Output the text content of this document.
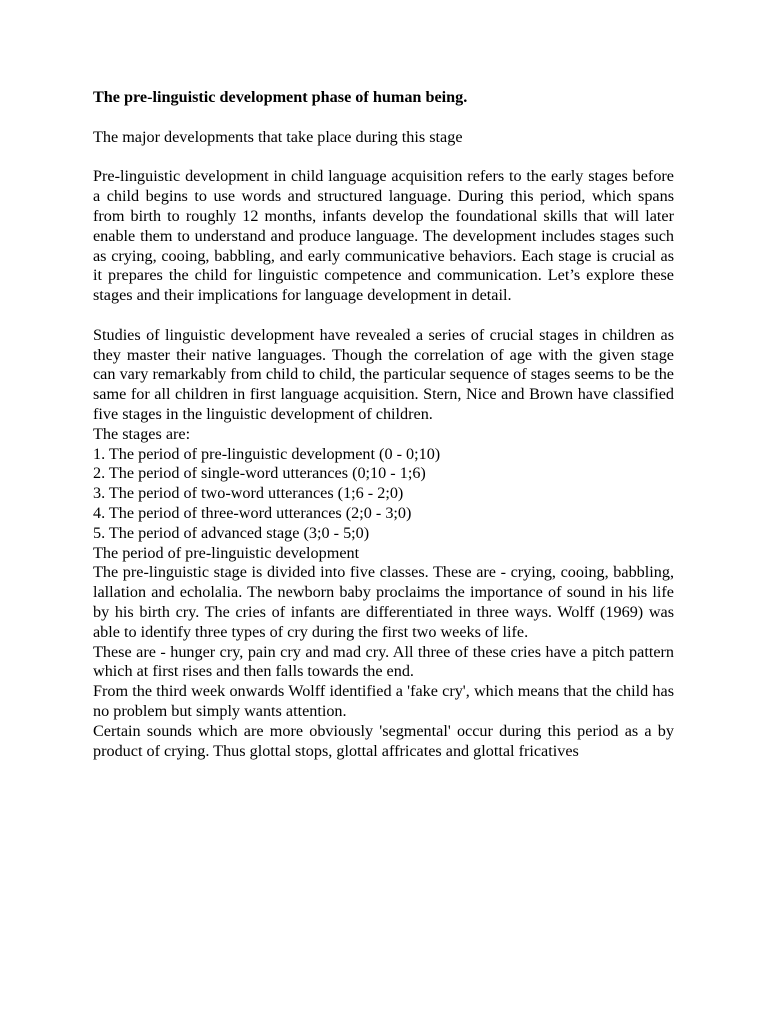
The pre-linguistic development phase of human being.

The major developments that take place during this stage

Pre-linguistic development in child language acquisition refers to the early stages before a child begins to use words and structured language. During this period, which spans from birth to roughly 12 months, infants develop the foundational skills that will later enable them to understand and produce language. The development includes stages such as crying, cooing, babbling, and early communicative behaviors. Each stage is crucial as it prepares the child for linguistic competence and communication. Let’s explore these stages and their implications for language development in detail.

Studies of linguistic development have revealed a series of crucial stages in children as they master their native languages. Though the correlation of age with the given stage can vary remarkably from child to child, the particular sequence of stages seems to be the same for all children in first language acquisition. Stern, Nice and Brown have classified five stages in the linguistic development of children.

The stages are:

1. The period of pre-linguistic development (0 - 0;10)
2. The period of single-word utterances (0;10 - 1;6)
3. The period of two-word utterances (1;6 - 2;0)
4. The period of three-word utterances (2;0 - 3;0)
5. The period of advanced stage (3;0 - 5;0)

The period of pre-linguistic development

The pre-linguistic stage is divided into five classes. These are - crying, cooing, babbling, lallation and echolalia. The newborn baby proclaims the importance of sound in his life by his birth cry. The cries of infants are differentiated in three ways. Wolff (1969) was able to identify three types of cry during the first two weeks of life.

These are - hunger cry, pain cry and mad cry. All three of these cries have a pitch pattern which at first rises and then falls towards the end.

From the third week onwards Wolff identified a 'fake cry', which means that the child has no problem but simply wants attention.

Certain sounds which are more obviously 'segmental' occur during this period as a by product of crying. Thus glottal stops, glottal affricates and glottal fricatives
